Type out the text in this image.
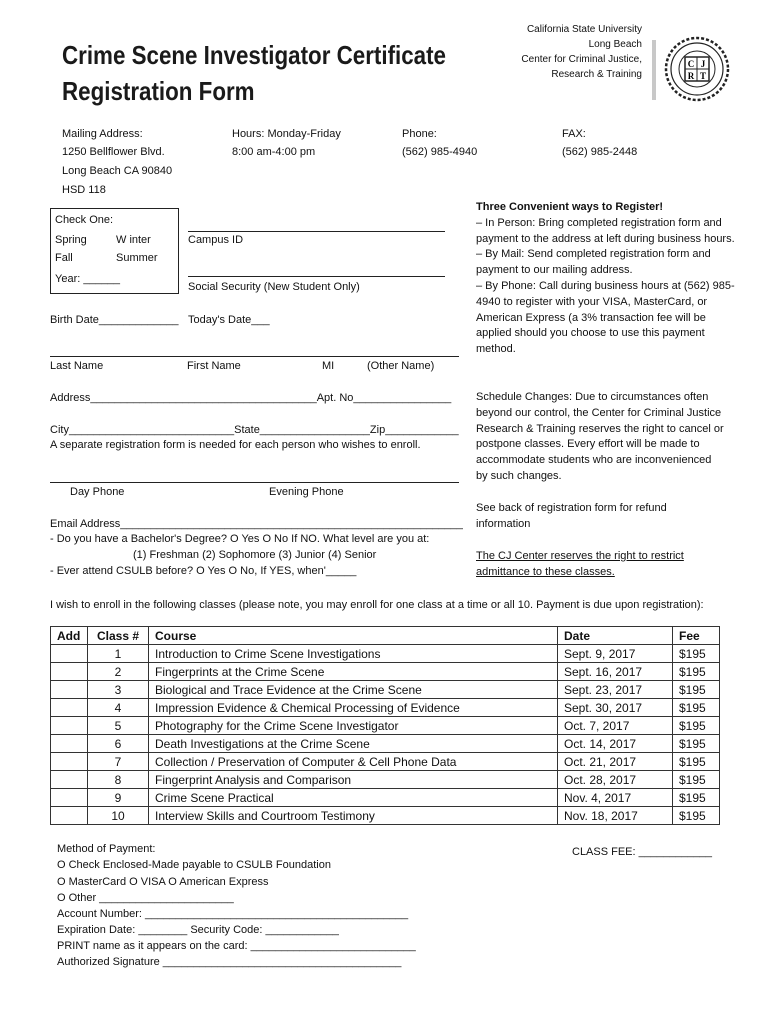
Crime Scene Investigator Certificate
Registration Form
California State University
Long Beach
Center for Criminal Justice,
Research & Training
C J
R T
Mailing Address:
1250 Bellflower Blvd.
Long Beach CA 90840
HSD 118
Hours: Monday-Friday
8:00 am-4:00 pm
Phone:
(562) 985-4940
FAX:
(562) 985-2448
Check One:
Spring	W inter
Fall	Summer
Year: ______
Campus ID
Social Security (New Student Only)
Birth Date_____________ Today's Date___
Last Name	First Name	MI	(Other Name)
Address_____________________________________Apt. No________________
City___________________________State__________________Zip____________
A separate registration form is needed for each person who wishes to enroll.
Day Phone	Evening Phone
Email Address________________________________________________________
- Do you have a Bachelor's Degree? O Yes O No If NO. What level are you at:
(1) Freshman (2) Sophomore (3) Junior (4) Senior
- Ever attend CSULB before? O Yes O No, If YES, when'_____
Three Convenient ways to Register!
– In Person: Bring completed registration form and payment to the address at left during business hours.
– By Mail: Send completed registration form and payment to our mailing address.
– By Phone: Call during business hours at (562) 985-4940 to register with your VISA, MasterCard, or American Express (a 3% transaction fee will be applied should you choose to use this payment method.
Schedule Changes: Due to circumstances often beyond our control, the Center for Criminal Justice Research & Training reserves the right to cancel or postpone classes. Every effort will be made to accommodate students who are inconvenienced by such changes.
See back of registration form for refund information
The CJ Center reserves the right to restrict admittance to these classes.
I wish to enroll in the following classes (please note, you may enroll for one class at a time or all 10. Payment is due upon registration):
Add	Class #	Course	Date	Fee
	1	Introduction to Crime Scene Investigations	Sept. 9, 2017	$195
	2	Fingerprints at the Crime Scene	Sept. 16, 2017	$195
	3	Biological and Trace Evidence at the Crime Scene	Sept. 23, 2017	$195
	4	Impression Evidence & Chemical Processing of Evidence	Sept. 30, 2017	$195
	5	Photography for the Crime Scene Investigator	Oct. 7, 2017	$195
	6	Death Investigations at the Crime Scene	Oct. 14, 2017	$195
	7	Collection / Preservation of Computer & Cell Phone Data	Oct. 21, 2017	$195
	8	Fingerprint Analysis and Comparison	Oct. 28, 2017	$195
	9	Crime Scene Practical	Nov. 4, 2017	$195
	10	Interview Skills and Courtroom Testimony	Nov. 18, 2017	$195
Method of Payment:
O Check Enclosed-Made payable to CSULB Foundation
O MasterCard O VISA O American Express
O Other ______________________
Account Number: ___________________________________________
Expiration Date: ________ Security Code: ____________
PRINT name as it appears on the card: ___________________________
Authorized Signature _______________________________________
CLASS FEE: ____________
